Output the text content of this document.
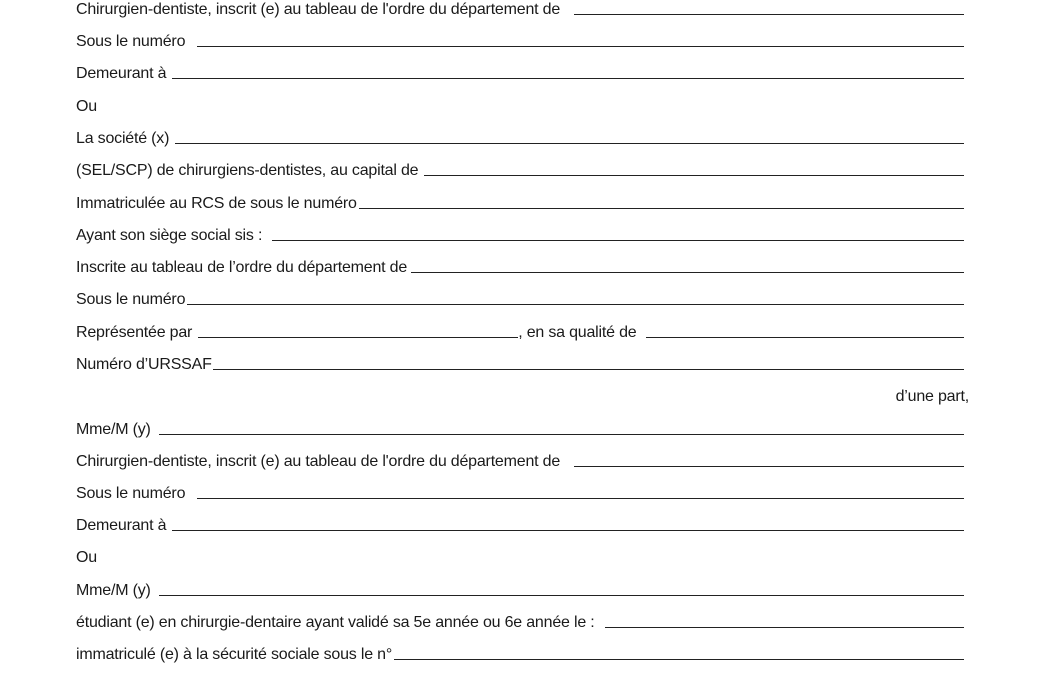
Chirurgien-dentiste, inscrit (e) au tableau de l'ordre du département de
Sous le numéro
Demeurant à
Ou
La société (x)
(SEL/SCP) de chirurgiens-dentistes, au capital de
Immatriculée au RCS de sous le numéro
Ayant son siège social sis :
Inscrite au tableau de l’ordre du département de
Sous le numéro
Représentée par	, en sa qualité de
Numéro d’URSSAF
d’une part,
Mme/M (y)
Chirurgien-dentiste, inscrit (e) au tableau de l'ordre du département de
Sous le numéro
Demeurant à
Ou
Mme/M (y)
étudiant (e) en chirurgie-dentaire ayant validé sa 5e année ou 6e année le :
immatriculé (e) à la sécurité sociale sous le n°
